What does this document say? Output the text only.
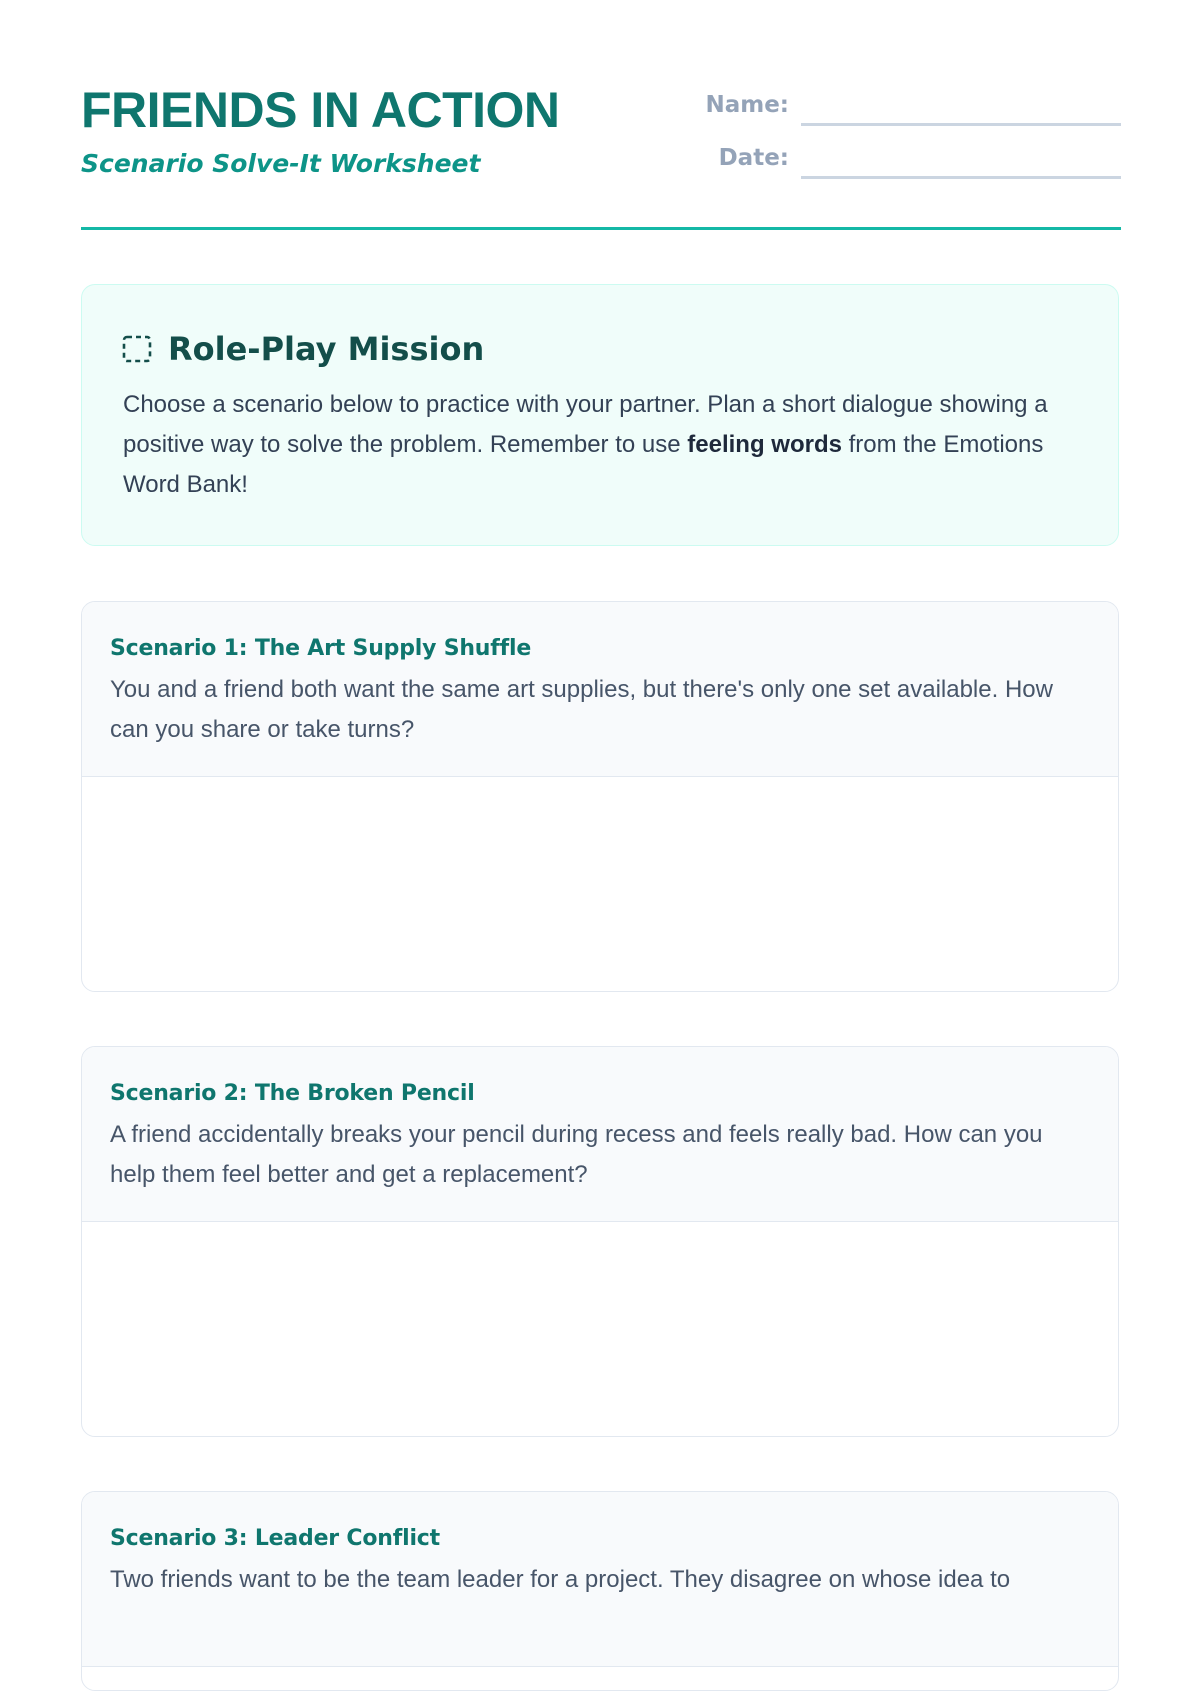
FRIENDS IN ACTION

Scenario Solve-It Worksheet

Name:
Date:
Role-Play Mission

Choose a scenario below to practice with your partner. Plan a short dialogue showing a positive way to solve the problem. Remember to use feeling words from the Emotions Word Bank!

Scenario 1: The Art Supply Shuffle

You and a friend both want the same art supplies, but there's only one set available. How can you share or take turns?

Scenario 2: The Broken Pencil

A friend accidentally breaks your pencil during recess and feels really bad. How can you help them feel better and get a replacement?

Scenario 3: Leader Conflict

Two friends want to be the team leader for a project. They disagree on whose idea to
